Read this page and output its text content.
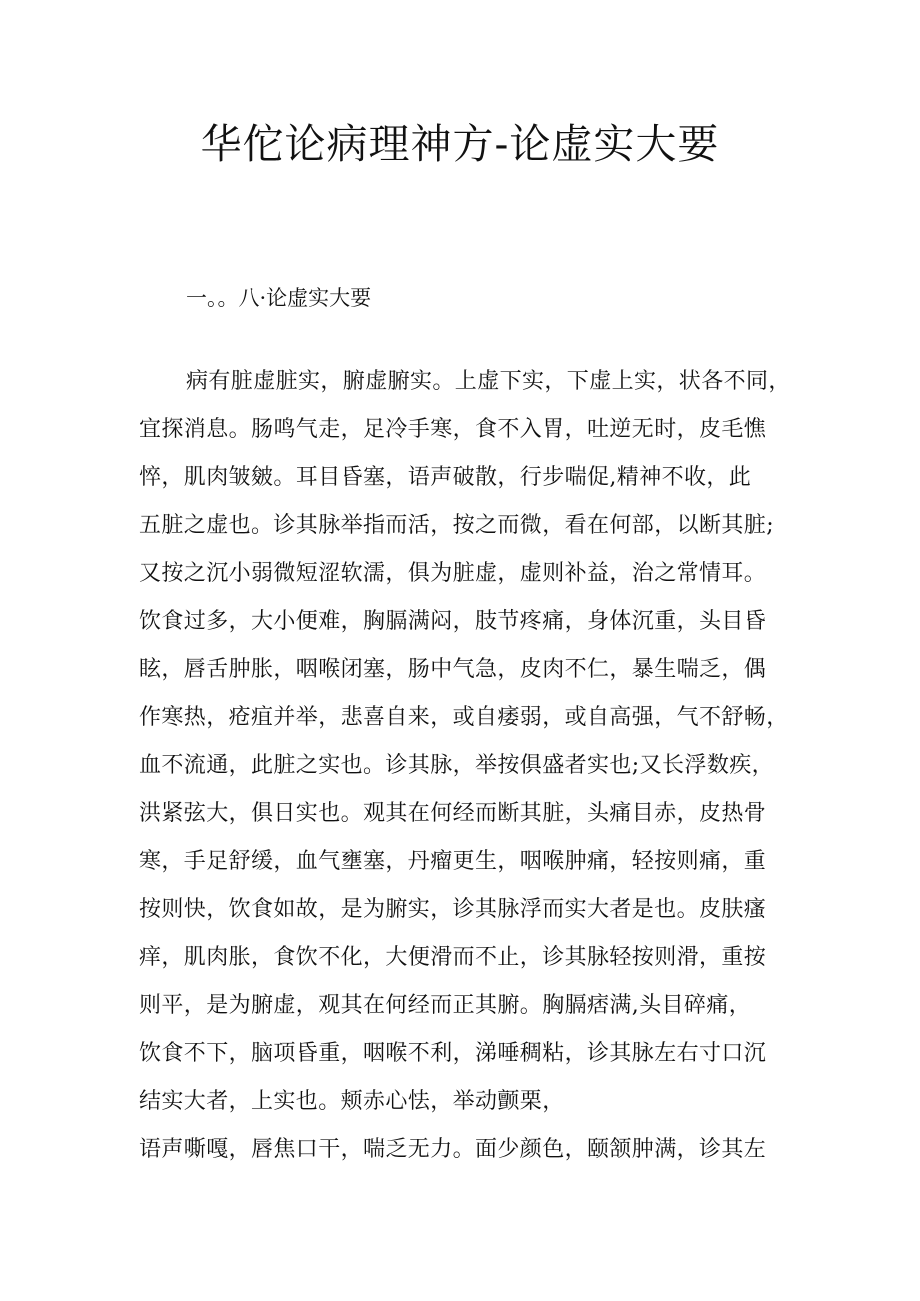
华佗论病理神方-论虚实大要
一。。八·论虚实大要
病有脏虚脏实，腑虚腑实。上虚下实，下虚上实，状各不同，
宜探消息。肠鸣气走，足冷手寒，食不入胃，吐逆无时，皮毛憔
悴，肌肉皱皴。耳目昏塞，语声破散，行步喘促,精神不收，此
五脏之虚也。诊其脉举指而活，按之而微，看在何部，以断其脏;
又按之沉小弱微短涩软濡，俱为脏虚，虚则补益，治之常情耳。
饮食过多，大小便难，胸膈满闷，肢节疼痛，身体沉重，头目昏
眩，唇舌肿胀，咽喉闭塞，肠中气急，皮肉不仁，暴生喘乏，偶
作寒热，疮疽并举，悲喜自来，或自痿弱，或自高强，气不舒畅，
血不流通，此脏之实也。诊其脉，举按俱盛者实也;又长浮数疾，
洪紧弦大，俱日实也。观其在何经而断其脏，头痛目赤，皮热骨
寒，手足舒缓，血气壅塞，丹瘤更生，咽喉肿痛，轻按则痛，重
按则快，饮食如故，是为腑实，诊其脉浮而实大者是也。皮肤瘙
痒，肌肉胀，食饮不化，大便滑而不止，诊其脉轻按则滑，重按
则平，是为腑虚，观其在何经而正其腑。胸膈痞满,头目碎痛，
饮食不下，脑项昏重，咽喉不利，涕唾稠粘，诊其脉左右寸口沉
结实大者，上实也。颊赤心怯，举动颤栗，
语声嘶嘎，唇焦口干，喘乏无力。面少颜色，颐颔肿满，诊其左
